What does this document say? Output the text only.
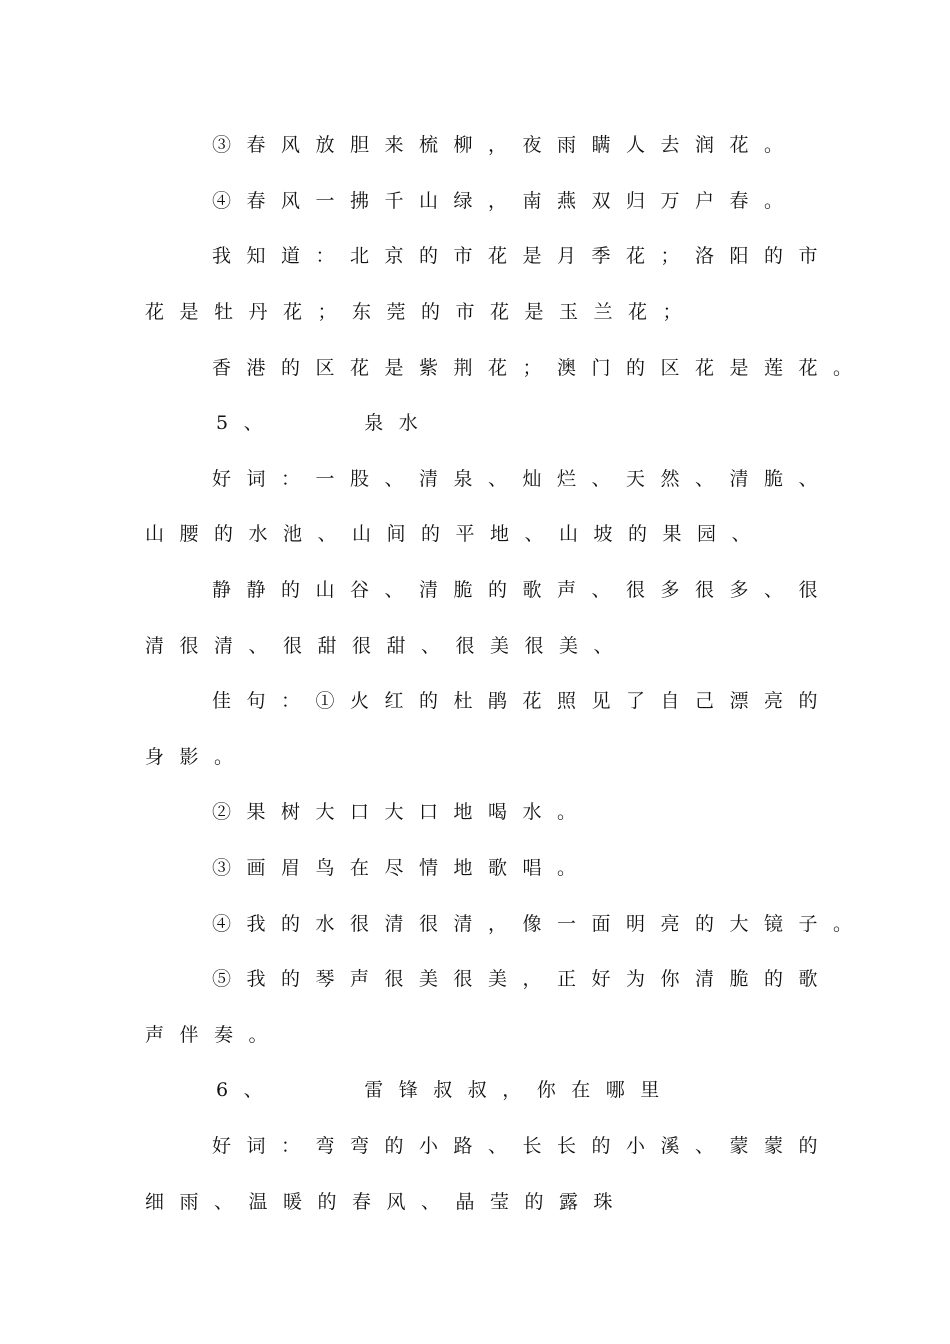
③春风放胆来梳柳，夜雨瞒人去润花。
④春风一拂千山绿，南燕双归万户春。
我知道：北京的市花是月季花；洛阳的市
花是牡丹花；东莞的市花是玉兰花；
香港的区花是紫荆花；澳门的区花是莲花。
5、    泉水
好词：一股、清泉、灿烂、天然、清脆、
山腰的水池、山间的平地、山坡的果园、
静静的山谷、清脆的歌声、很多很多、很
清很清、很甜很甜、很美很美、
佳句：①火红的杜鹃花照见了自己漂亮的
身影。
②果树大口大口地喝水。
③画眉鸟在尽情地歌唱。
④我的水很清很清，像一面明亮的大镜子。
⑤我的琴声很美很美，正好为你清脆的歌
声伴奏。
6、    雷锋叔叔，你在哪里
好词：弯弯的小路、长长的小溪、蒙蒙的
细雨、温暖的春风、晶莹的露珠
